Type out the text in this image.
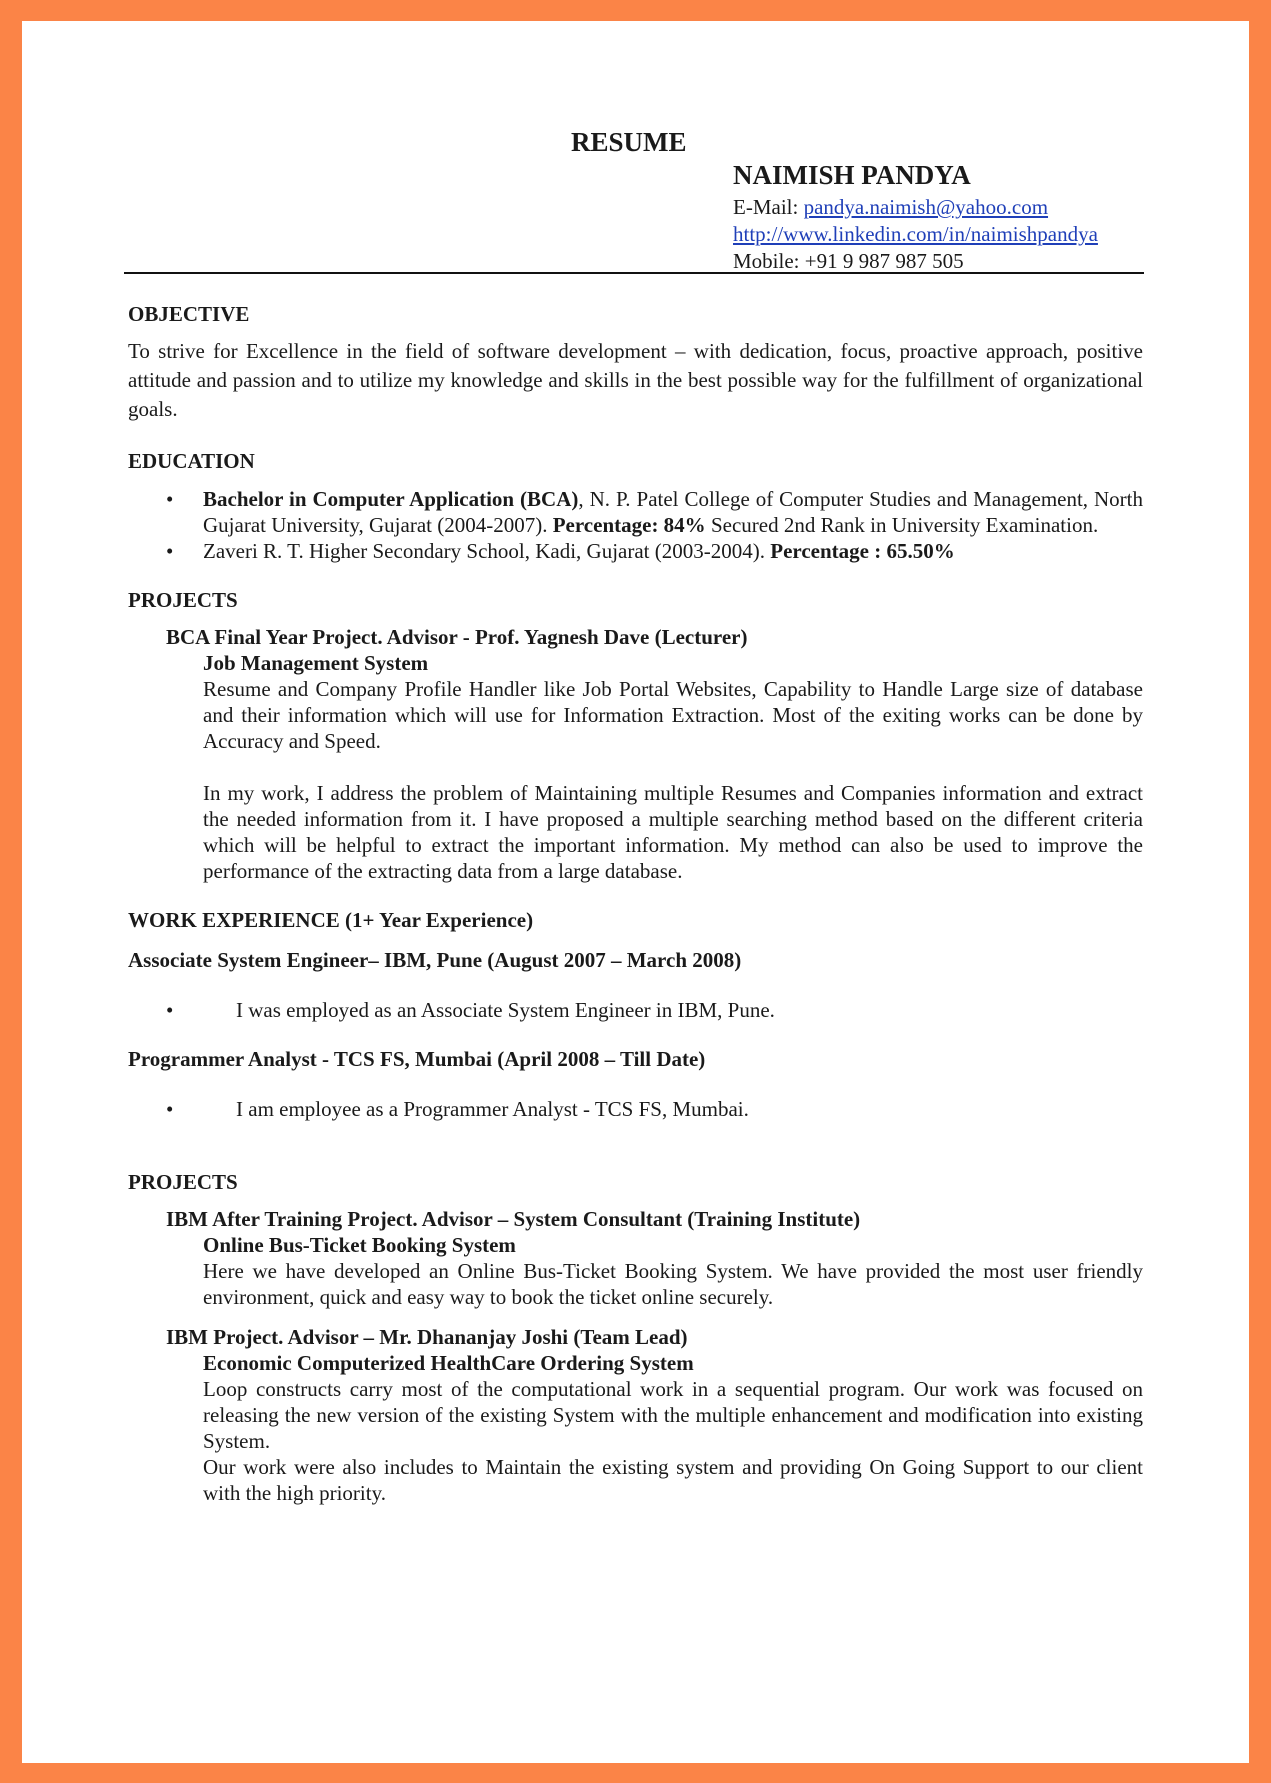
RESUME
NAIMISH PANDYA
E-Mail: pandya.naimish@yahoo.com
http://www.linkedin.com/in/naimishpandya
Mobile: +91 9 987 987 505
OBJECTIVE

To strive for Excellence in the field of software development – with dedication, focus, proactive approach, positive attitude and passion and to utilize my knowledge and skills in the best possible way for the fulfillment of organizational goals.

EDUCATION
• Bachelor in Computer Application (BCA), N. P. Patel College of Computer Studies and Management, North Gujarat University, Gujarat (2004-2007). Percentage: 84% Secured 2nd Rank in University Examination.
• Zaveri R. T. Higher Secondary School, Kadi, Gujarat (2003-2004). Percentage : 65.50%
PROJECTS
BCA Final Year Project. Advisor - Prof. Yagnesh Dave (Lecturer)
Job Management System
Resume and Company Profile Handler like Job Portal Websites, Capability to Handle Large size of database and their information which will use for Information Extraction. Most of the exiting works can be done by Accuracy and Speed.
In my work, I address the problem of Maintaining multiple Resumes and Companies information and extract the needed information from it. I have proposed a multiple searching method based on the different criteria which will be helpful to extract the important information. My method can also be used to improve the performance of the extracting data from a large database.
WORK EXPERIENCE (1+ Year Experience)
Associate System Engineer– IBM, Pune (August 2007 – March 2008)
•	I was employed as an Associate System Engineer in IBM, Pune.
Programmer Analyst - TCS FS, Mumbai (April 2008 – Till Date)
•	I am employee as a Programmer Analyst - TCS FS, Mumbai.
PROJECTS
IBM After Training Project. Advisor – System Consultant (Training Institute)
Online Bus-Ticket Booking System
Here we have developed an Online Bus-Ticket Booking System. We have provided the most user friendly environment, quick and easy way to book the ticket online securely.
IBM Project. Advisor – Mr. Dhananjay Joshi (Team Lead)
Economic Computerized HealthCare Ordering System
Loop constructs carry most of the computational work in a sequential program. Our work was focused on releasing the new version of the existing System with the multiple enhancement and modification into existing System.
Our work were also includes to Maintain the existing system and providing On Going Support to our client with the high priority.
